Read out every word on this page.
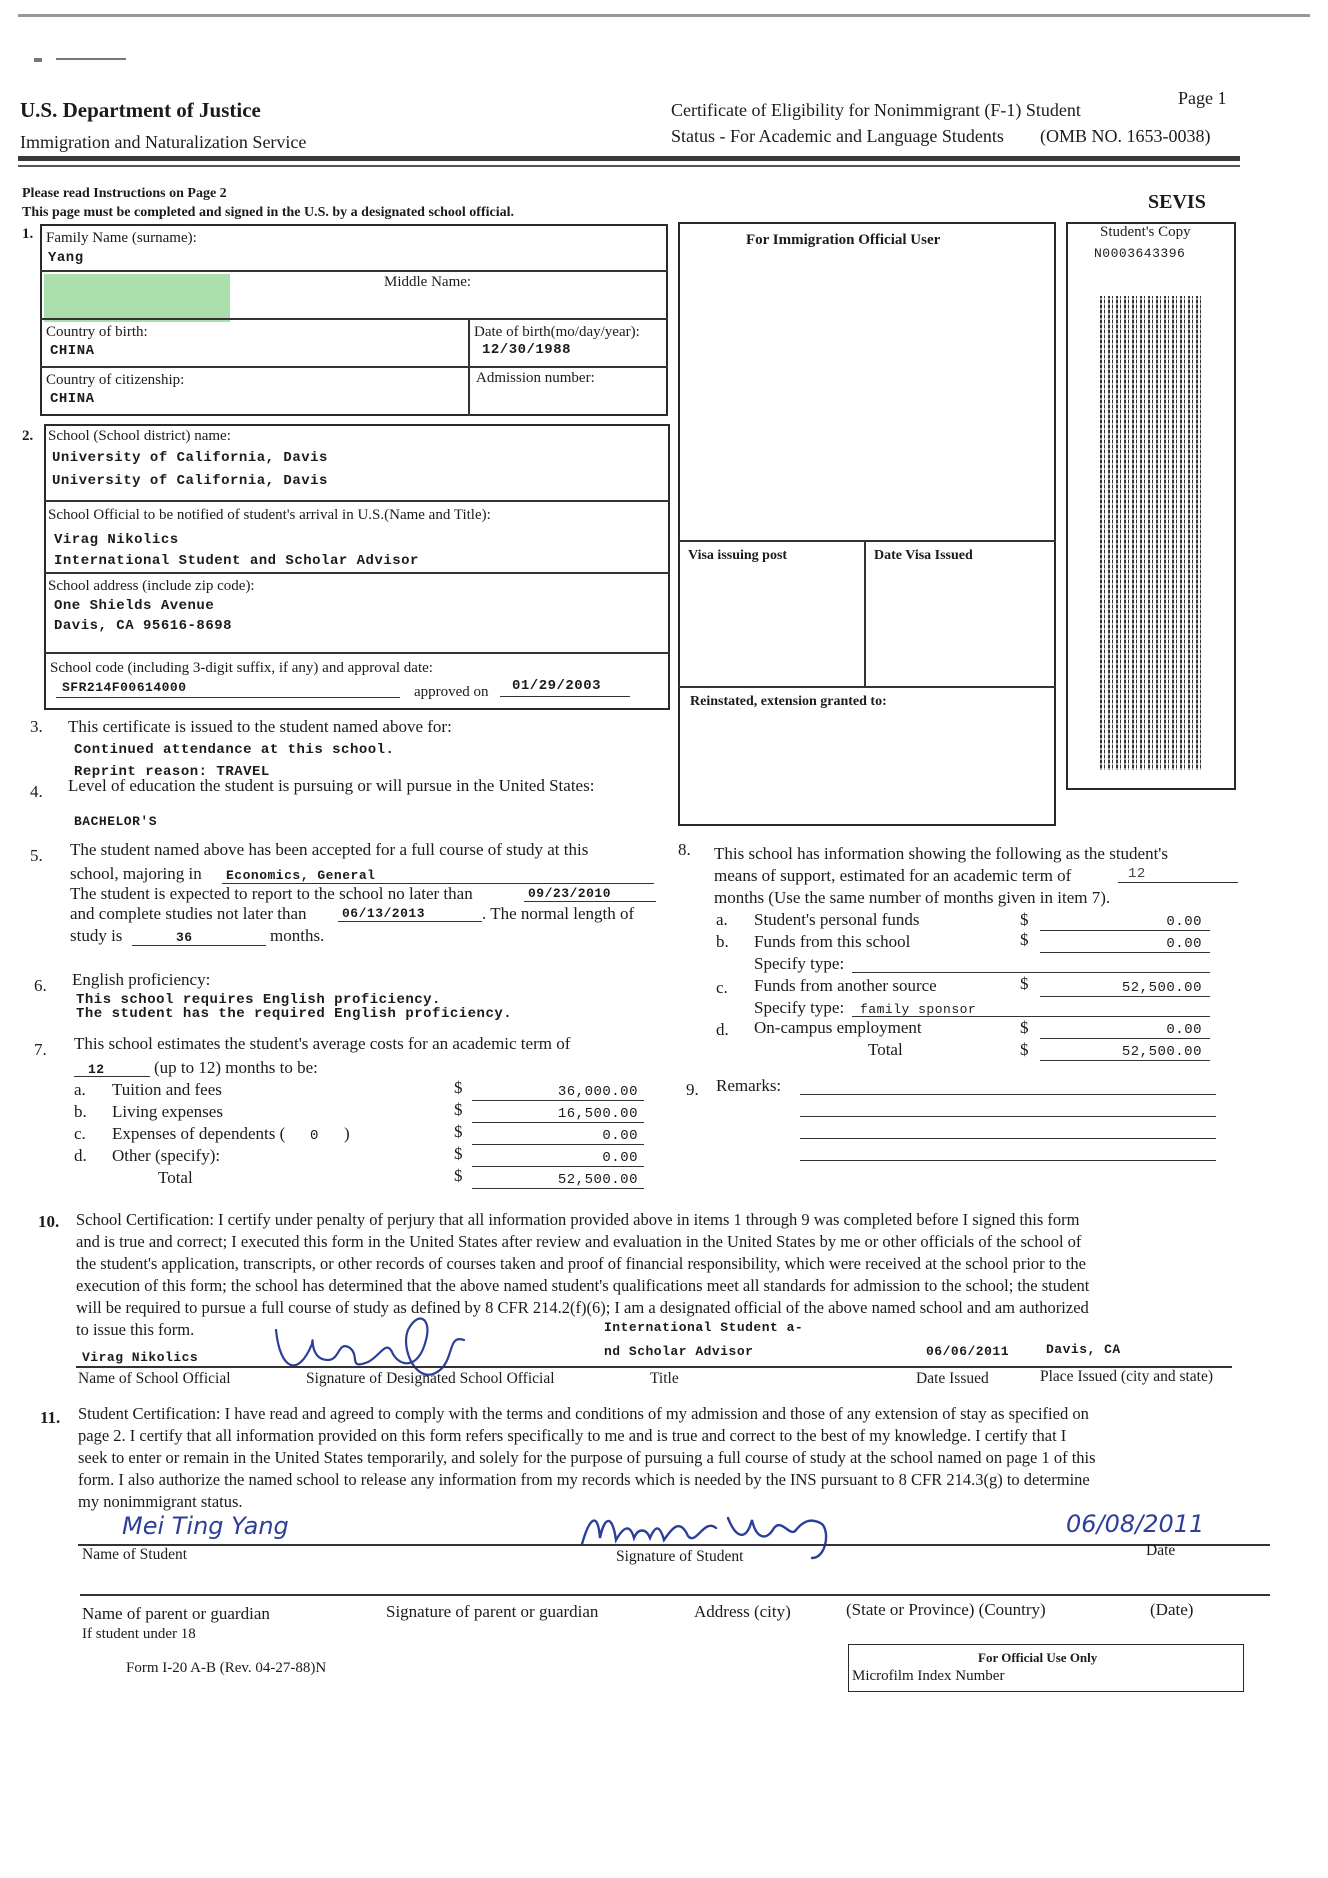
U.S. Department of Justice
Immigration and Naturalization Service
Certificate of Eligibility for Nonimmigrant (F-1) Student
Status - For Academic and Language Students (OMB NO. 1653-0038)
Page 1
Please read Instructions on Page 2
This page must be completed and signed in the U.S. by a designated school official.	SEVIS
1. Family Name (surname):
Yang
Middle Name:
Country of birth:
CHINA
Date of birth(mo/day/year):
12/30/1988
Country of citizenship:
CHINA
Admission number:
2. School (School district) name:
University of California, Davis
University of California, Davis
School Official to be notified of student's arrival in U.S.(Name and Title):
Virag Nikolics
International Student and Scholar Advisor
School address (include zip code):
One Shields Avenue
Davis, CA 95616-8698
School code (including 3-digit suffix, if any) and approval date:
SFR214F00614000	approved on 01/29/2003
For Immigration Official User
Visa issuing post	Date Visa Issued
Reinstated, extension granted to:
Student's Copy
N0003643396
3. This certificate is issued to the student named above for:
Continued attendance at this school.
Reprint reason: TRAVEL
4. Level of education the student is pursuing or will pursue in the United States:
BACHELOR'S
5. The student named above has been accepted for a full course of study at this
school, majoring in Economics, General
The student is expected to report to the school no later than	09/23/2010
and complete studies not later than	06/13/2013	. The normal length of
study is	36	months.
6. English proficiency:
This school requires English proficiency.
The student has the required English proficiency.
7. This school estimates the student's average costs for an academic term of
12	(up to 12) months to be:
a. Tuition and fees	$	36,000.00
b. Living expenses	$	16,500.00
c. Expenses of dependents ( 0 )	$	0.00
d. Other (specify):	$	0.00
Total	$	52,500.00
8. This school has information showing the following as the student's
means of support, estimated for an academic term of	12
months (Use the same number of months given in item 7).
a. Student's personal funds	$	0.00
b. Funds from this school	$	0.00
Specify type:
c. Funds from another source	$	52,500.00
Specify type: family sponsor
d. On-campus employment	$	0.00
Total	$	52,500.00
9. Remarks:
10. School Certification: I certify under penalty of perjury that all information provided above in items 1 through 9 was completed before I signed this form
and is true and correct; I executed this form in the United States after review and evaluation in the United States by me or other officials of the school of
the student's application, transcripts, or other records of courses taken and proof of financial responsibility, which were received at the school prior to the
execution of this form; the school has determined that the above named student's qualifications meet all standards for admission to the school; the student
will be required to pursue a full course of study as defined by 8 CFR 214.2(f)(6); I am a designated official of the above named school and am authorized
to issue this form.
Virag Nikolics
International Student a-
nd Scholar Advisor	06/06/2011	Davis, CA
Name of School Official	Signature of Designated School Official	Title	Date Issued	Place Issued (city and state)
11. Student Certification: I have read and agreed to comply with the terms and conditions of my admission and those of any extension of stay as specified on
page 2. I certify that all information provided on this form refers specifically to me and is true and correct to the best of my knowledge. I certify that I
seek to enter or remain in the United States temporarily, and solely for the purpose of pursuing a full course of study at the school named on page 1 of this
form. I also authorize the named school to release any information from my records which is needed by the INS pursuant to 8 CFR 214.3(g) to determine
my nonimmigrant status.
Mei Ting Yang	06/08/2011
Name of Student	Signature of Student	Date
Name of parent or guardian
If student under 18
Signature of parent or guardian	Address (city)	(State or Province) (Country)	(Date)
Form I-20 A-B (Rev. 04-27-88)N
For Official Use Only
Microfilm Index Number
